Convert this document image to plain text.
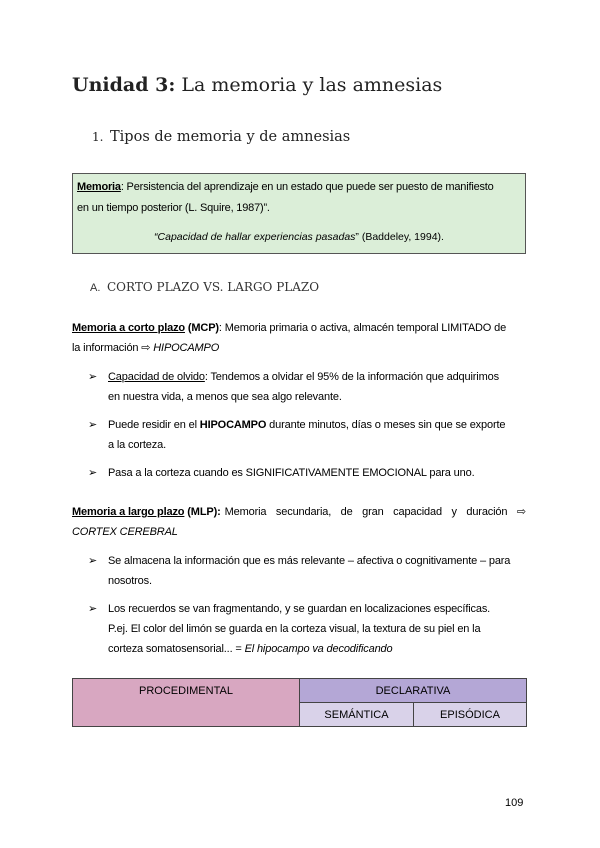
Unidad 3: La memoria y las amnesias
1. Tipos de memoria y de amnesias
Memoria: Persistencia del aprendizaje en un estado que puede ser puesto de manifiesto
en un tiempo posterior (L. Squire, 1987)”.
“Capacidad de hallar experiencias pasadas” (Baddeley, 1994).
A. CORTO PLAZO VS. LARGO PLAZO
Memoria a corto plazo (MCP): Memoria primaria o activa, almacén temporal LIMITADO de
la información ⇨ HIPOCAMPO
➢ Capacidad de olvido: Tendemos a olvidar el 95% de la información que adquirimos
en nuestra vida, a menos que sea algo relevante.
➢ Puede residir en el HIPOCAMPO durante minutos, días o meses sin que se exporte
a la corteza.
➢ Pasa a la corteza cuando es SIGNIFICATIVAMENTE EMOCIONAL para uno.
Memoria a largo plazo (MLP): Memoria secundaria, de gran capacidad y duración ⇨
CORTEX CEREBRAL
➢ Se almacena la información que es más relevante – afectiva o cognitivamente – para
nosotros.
➢ Los recuerdos se van fragmentando, y se guardan en localizaciones específicas.
P.ej. El color del limón se guarda en la corteza visual, la textura de su piel en la
corteza somatosensorial... = El hipocampo va decodificando
PROCEDIMENTAL	DECLARATIVA	
	SEMÁNTICA	EPISÓDICA
109
